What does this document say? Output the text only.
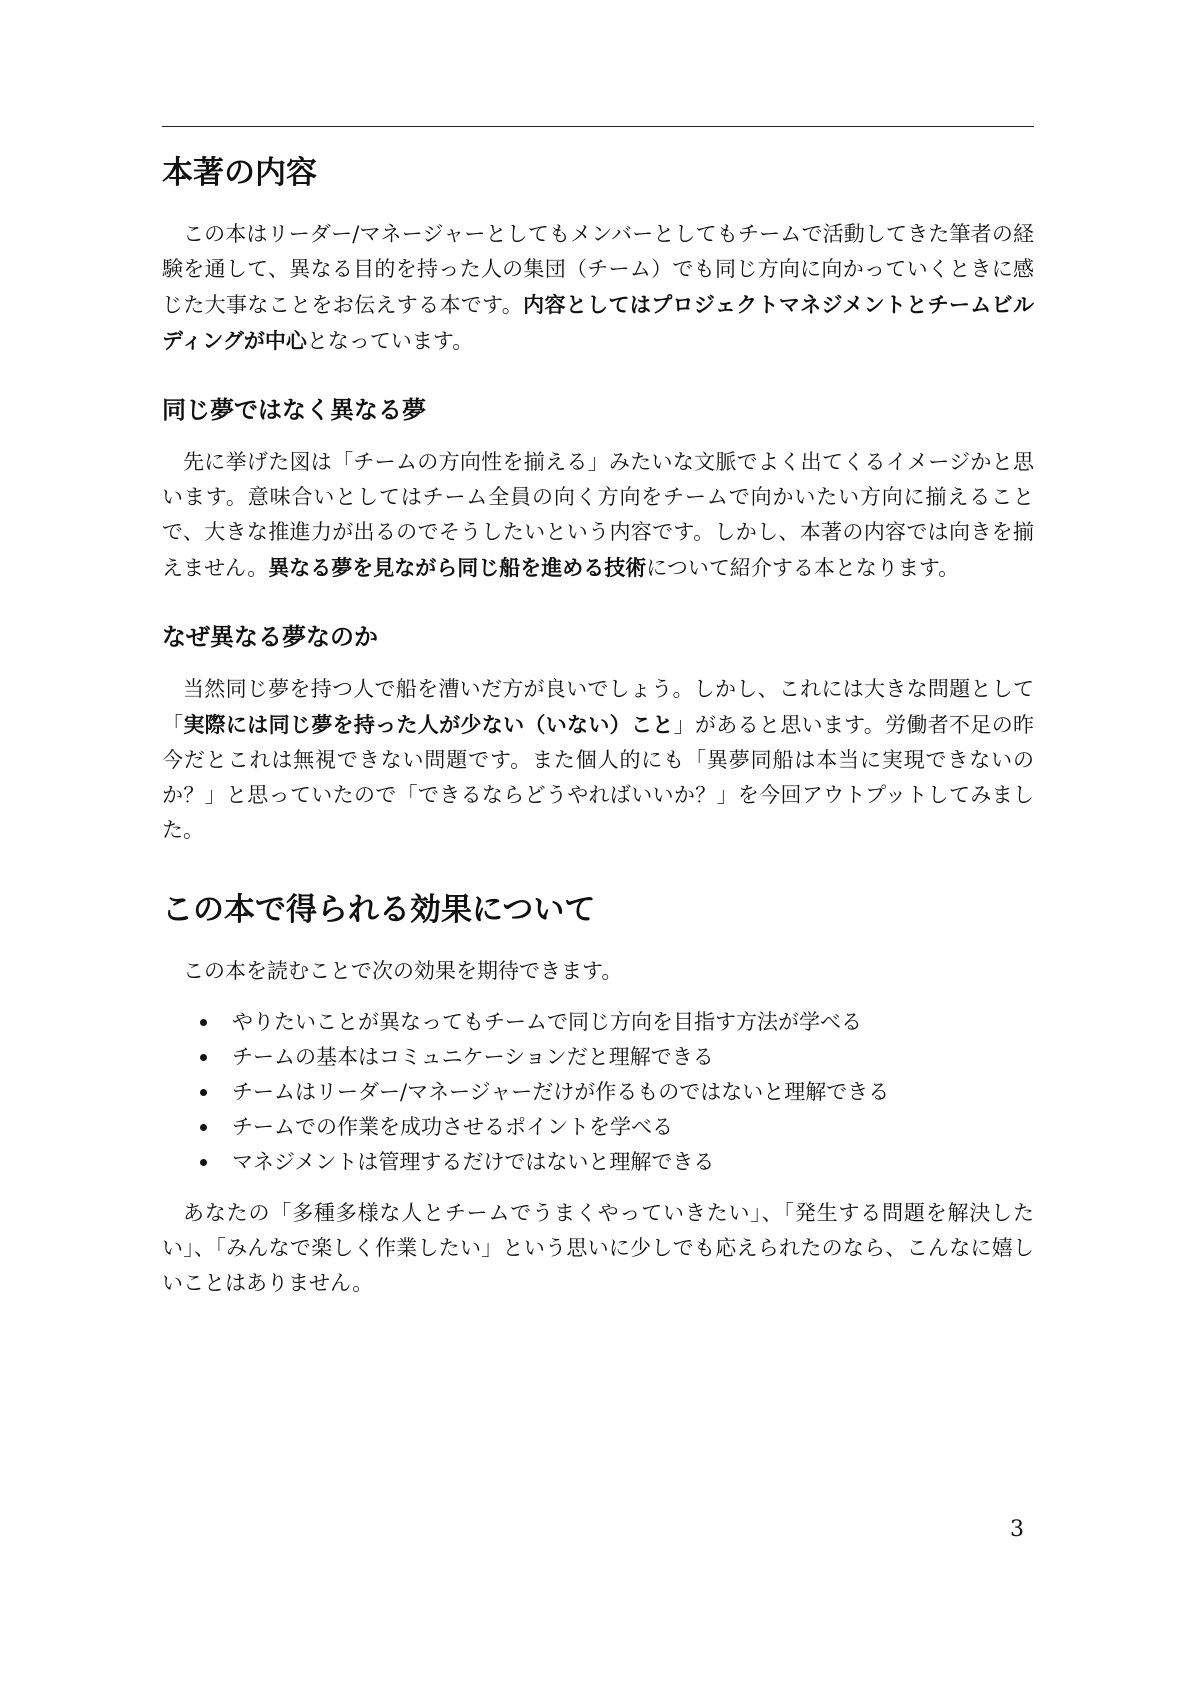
本著の内容

この本はリーダー/マネージャーとしてもメンバーとしてもチームで活動してきた筆者の経験を通して、異なる目的を持った人の集団（チーム）でも同じ方向に向かっていくときに感じた大事なことをお伝えする本です。内容としてはプロジェクトマネジメントとチームビルディングが中心となっています。

同じ夢ではなく異なる夢

先に挙げた図は「チームの方向性を揃える」みたいな文脈でよく出てくるイメージかと思います。意味合いとしてはチーム全員の向く方向をチームで向かいたい方向に揃えることで、大きな推進力が出るのでそうしたいという内容です。しかし、本著の内容では向きを揃えません。異なる夢を見ながら同じ船を進める技術について紹介する本となります。

なぜ異なる夢なのか

当然同じ夢を持つ人で船を漕いだ方が良いでしょう。しかし、これには大きな問題として「実際には同じ夢を持った人が少ない（いない）こと」があると思います。労働者不足の昨今だとこれは無視できない問題です。また個人的にも「異夢同船は本当に実現できないのか？」と思っていたので「できるならどうやればいいか？」を今回アウトプットしてみました。

この本で得られる効果について

この本を読むことで次の効果を期待できます。

やりたいことが異なってもチームで同じ方向を目指す方法が学べる
チームの基本はコミュニケーションだと理解できる
チームはリーダー/マネージャーだけが作るものではないと理解できる
チームでの作業を成功させるポイントを学べる
マネジメントは管理するだけではないと理解できる

あなたの「多種多様な人とチームでうまくやっていきたい」、「発生する問題を解決したい」、「みんなで楽しく作業したい」という思いに少しでも応えられたのなら、こんなに嬉しいことはありません。

3
